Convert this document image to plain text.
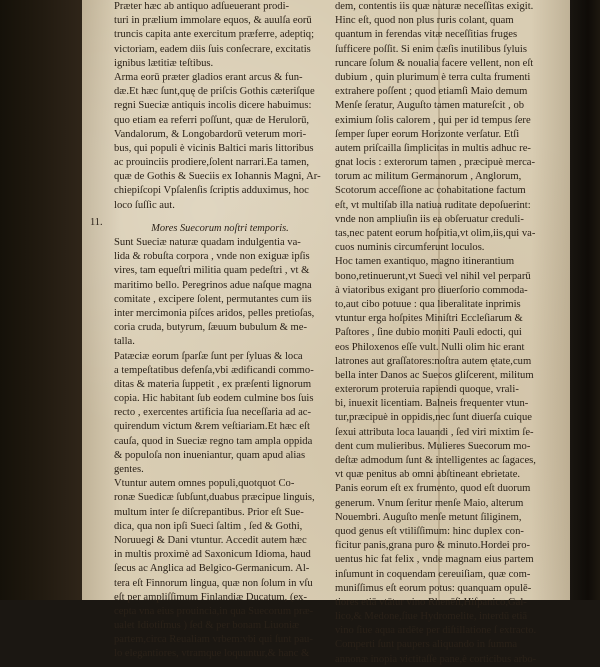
Præter hæc ab antiquo adſueuerant prodi-
turi in prælium immolare equos, & auulſa eorū
truncis capita ante exercitum præferre, adeptiq;
victoriam, eadem diis ſuis conſecrare, excitatis
ignibus lætitiæ teſtibus.
Arma eorū præter gladios erant arcus & fun-
dæ.Et hæc ſunt,quę de priſcis Gothis cæteriſque
regni Sueciæ antiquis incolis dicere habuimus:
quo etiam ea referri poſſunt, quæ de Herulorū,
Vandalorum, & Longobardorū veterum mori-
bus, qui populi è vicinis Baltici maris littoribus
ac prouinciis prodiere,ſolent narrari.Ea tamen,
quæ de Gothis & Sueciis ex Iohannis Magni, Ar-
chiepiſcopi Vpſalenſis ſcriptis adduximus, hoc
loco ſuſſic aut.
Mores Suecorum noſtri temporis.
Sunt Sueciæ naturæ quadam indulgentia va-
lida & robuſta corpora , vnde non exiguæ ipſis
vires, tam equeſtri militia quam pedeſtri , vt &
maritimo bello. Peregrinos adue naſque magna
comitate , excipere ſolent, permutantes cum iis
inter mercimonia piſces aridos, pelles pretioſas,
coria cruda, butyrum, ſæuum bubulum & me-
talla.
Patæciæ eorum ſparſæ ſunt per ſyluas & loca
a tempeſtatibus defenſa,vbi ædificandi commo-
ditas & materia ſuppetit , ex præſenti lignorum
copia. Hic habitant ſub eodem culmine bos ſuis
recto , exercentes artificia ſua neceſſaria ad ac-
quirendum victum &rem veſtiariam.Et hæc eſt
cauſa, quod in Sueciæ regno tam ampla oppida
& populoſa non inueniantur, quam apud alias
gentes.
Vtuntur autem omnes populi,quotquot Co-
ronæ Suedicæ ſubſunt,duabus præcipue linguis,
multum inter ſe diſcrepantibus. Prior eſt Sue-
dica, qua non ipſi Sueci ſaltim , ſed & Gothi,
Noruuegi & Dani vtuntur. Accedit autem hæc
in multis proximè ad Saxonicum Idioma, haud
ſecus ac Anglica ad Belgico-Germanicum. Al-
tera eſt Finnorum lingua, quæ non ſolum in vſu
eſt per ampliſſimum Finlandiæ Ducatum, (ex-
cepta vna eius prouincia,in qua Suecorum præ-
ualet Idiotiſmus ) ſed & per bonam Liuoniæ
partem,circa Reualiam vrbem:vbi qui ſunt pau-
lo elegantiores, vtramque loquuntur,& hanc &
11.
dem, contentis iis quæ naturæ neceſſitas exigit.
Hinc eſt, quod non plus ruris colant, quam
quantum in ferendas vitæ neceſſitias fruges
ſufficere poſſit. Si enim cæſis inutilibus ſyluis
runcare ſolum & noualia facere vellent, non eſt
dubium , quin plurimum è terra culta frumenti
extrahere poſſent ; quod etiamſi Maio demum
Menſe ſeratur, Auguſto tamen matureſcit , ob
eximium ſolis calorem , qui per id tempus ſere
ſemper ſuper eorum Horizonte verſatur. Etſi
autem priſcailla ſimplicitas in multis adhuc re-
gnat locis : exterorum tamen , præcipuè merca-
torum ac militum Germanorum , Anglorum,
Scotorum acceſſione ac cohabitatione factum
eſt, vt multiſab illa natiua ruditate depoſuerint:
vnde non ampliuſin iis ea obſeruatur creduli-
tas,nec patent eorum hoſpitia,vt olim,iis,qui va-
cuos numinis circumferunt loculos.
Hoc tamen exantiquo, magno itinerantium
bono,retinuerunt,vt Sueci vel nihil vel perparū
à viatoribus exigant pro diuerſorio commoda-
to,aut cibo potuue : qua liberalitate inprimis
vtuntur erga hoſpites Miniſtri Eccleſiarum &
Paſtores , ſine dubio moniti Pauli edocti, qui
eos Philoxenos eſſe vult. Nulli olim hic erant
latrones aut graſſatores:noſtra autem ętate,cum
bella inter Danos ac Suecos gliſcerent, militum
exterorum proteruia rapiendi quoque, vrali-
bi, inuexit licentiam. Balneis frequenter vtun-
tur,præcipuè in oppidis,nec ſunt diuerſa cuique
ſexui attributa loca lauandi , ſed viri mixtim ſe-
dent cum mulieribus. Mulieres Suecorum mo-
deſtæ admodum ſunt & intelligentes ac ſagaces,
vt quæ penitus ab omni abſtineant ebrietate.
Panis eorum eſt ex frumento, quod eſt duorum
generum. Vnum ſeritur menſe Maio, alterum
Nouembri. Auguſto menſe metunt ſiliginem,
quod genus eſt vtiliſſimum: hinc duplex con-
ficitur panis,grana puro & minuto.Hordei pro-
uentus hic fat felix , vnde magnam eius partem
inſumunt in coquendam cereuiſiam, quæ com-
muniſſimus eſt eorum potus: quanquam opulē-
tiores etiā vtātur vino Rhenēſi,Hiſpanico,Gal-
lico,& Medone,ſiue Hydromelite, interdū etiā
vino ſiue aqua ardēte per diſtillatione ſ extracto.
Comperti ſunt paupers aliquando in ſumma
annonæ inopia victitaſſe pane,è corticibus arbo-
